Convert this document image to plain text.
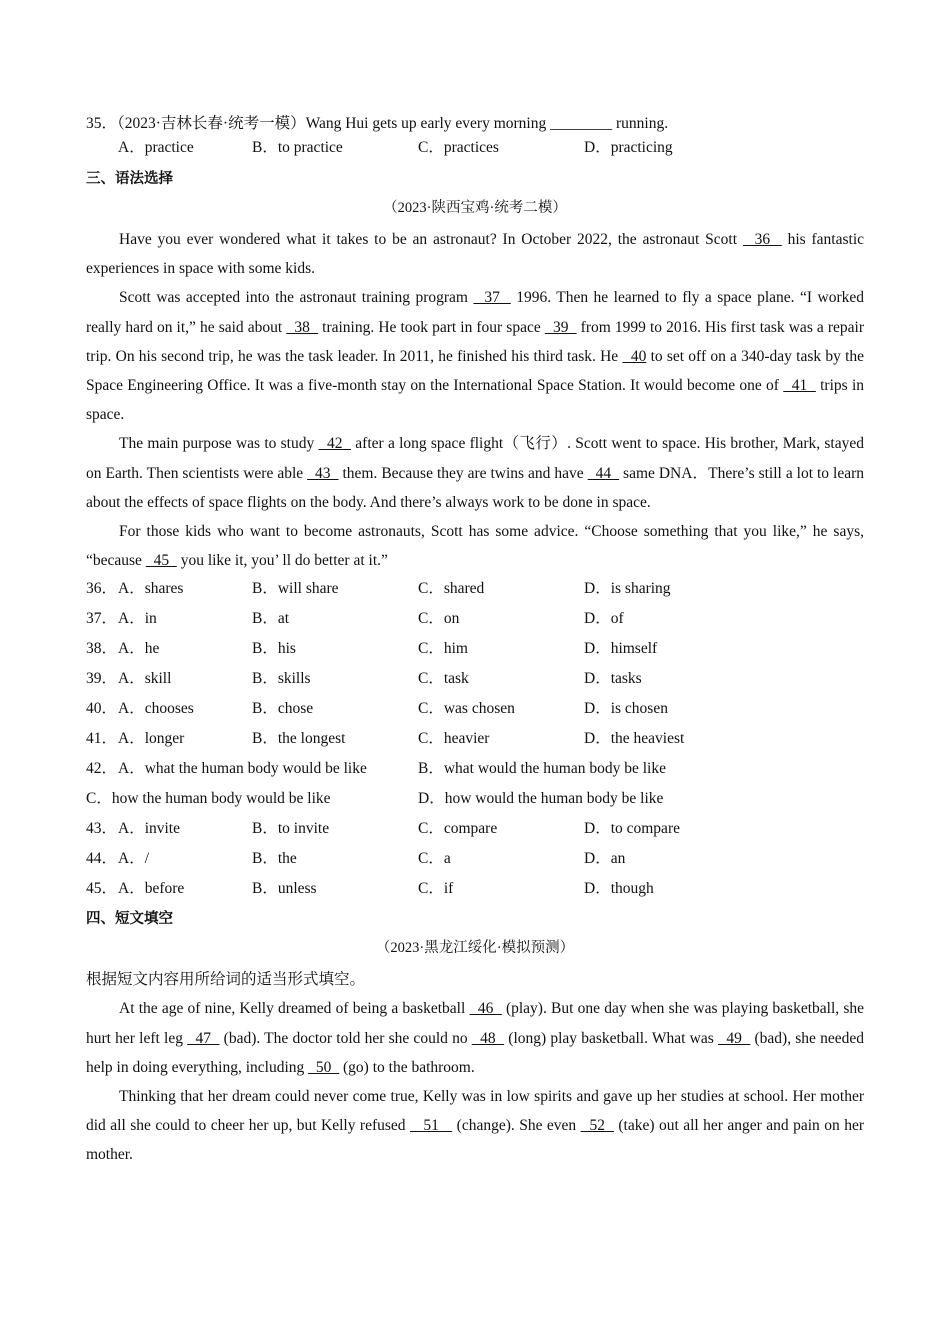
35．（2023·吉林长春·统考一模）Wang Hui gets up early every morning ________ running.
A．practice	B．to practice	C．practices	D．practicing
三、语法选择
（2023·陕西宝鸡·统考二模）

Have you ever wondered what it takes to be an astronaut? In October 2022, the astronaut Scott   36   his fantastic experiences in space with some kids.

Scott was accepted into the astronaut training program   37   1996. Then he learned to fly a space plane. “I worked really hard on it,” he said about   38   training. He took part in four space   39   from 1999 to 2016. His first task was a repair trip. On his second trip, he was the task leader. In 2011, he finished his third task. He   40 to set off on a 340-day task by the Space Engineering Office. It was a five-month stay on the International Space Station. It would become one of   41   trips in space.

The main purpose was to study   42   after a long space flight（飞行）. Scott went to space. His brother, Mark, stayed on Earth. Then scientists were able   43   them. Because they are twins and have   44   same DNA．There’s still a lot to learn about the effects of space flights on the body. And there’s always work to be done in space.

For those kids who want to become astronauts, Scott has some advice. “Choose something that you like,” he says, “because   45   you like it, you’ ll do better at it.”

36． A．shares	B．will share	C．shared	D．is sharing
37． A．in	B．at	C．on	D．of
38． A．he	B．his	C．him	D．himself
39． A．skill	B．skills	C．task	D．tasks
40． A．chooses	B．chose	C．was chosen	D．is chosen
41． A．longer	B．the longest	C．heavier	D．the heaviest
42． A．what the human body would be like	B．what would the human body be like
C．how the human body would be like	D．how would the human body be like
43． A．invite	B．to invite	C．compare	D．to compare
44． A．/	B．the	C．a	D．an
45． A．before	B．unless	C．if	D．though
四、短文填空
（2023·黑龙江绥化·模拟预测）
根据短文内容用所给词的适当形式填空。

At the age of nine, Kelly dreamed of being a basketball   46   (play). But one day when she was playing basketball, she hurt her left leg   47   (bad). The doctor told her she could no   48   (long) play basketball. What was   49   (bad), she needed help in doing everything, including   50   (go) to the bathroom.

Thinking that her dream could never come true, Kelly was in low spirits and gave up her studies at school. Her mother did all she could to cheer her up, but Kelly refused    51    (change). She even   52   (take) out all her anger and pain on her mother.
